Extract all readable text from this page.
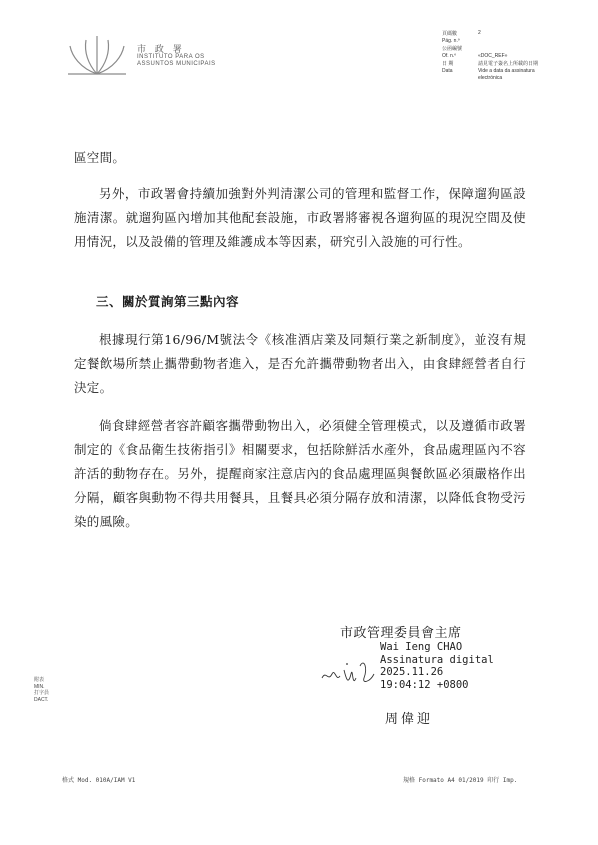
市 政 署
INSTITUTO PARA OS
ASSUNTOS MUNICIPAIS
頁碼數	2
Pág. n.º
公函編號
Of. n.º	«DOC_REF»
日 期	請見電子簽名上所載的日期
Data	Vide a data da assinatura
electrónica

區空間。

另外，市政署會持續加強對外判清潔公司的管理和監督工作，保障遛狗區設施清潔。就遛狗區內增加其他配套設施，市政署將審視各遛狗區的現況空間及使用情況，以及設備的管理及維護成本等因素，研究引入設施的可行性。

三、關於質詢第三點內容

根據現行第16/96/M號法令《核准酒店業及同類行業之新制度》，並沒有規定餐飲場所禁止攜帶動物者進入，是否允許攜帶動物者出入，由食肆經營者自行決定。

倘食肆經營者容許顧客攜帶動物出入，必須健全管理模式，以及遵循市政署制定的《食品衛生技術指引》相關要求，包括除鮮活水產外，食品處理區內不容許活的動物存在。另外，提醒商家注意店內的食品處理區與餐飲區必須嚴格作出分隔，顧客與動物不得共用餐具，且餐具必須分隔存放和清潔，以降低食物受污染的風險。

市政管理委員會主席
Wai Ieng CHAO
Assinatura digital
2025.11.26
19:04:12 +0800
周偉迎
附表
MIN.
打字員
DACT.
格式 Mod. 010A/IAM V1	規格 Formato A4 01/2019 印行 Imp.
